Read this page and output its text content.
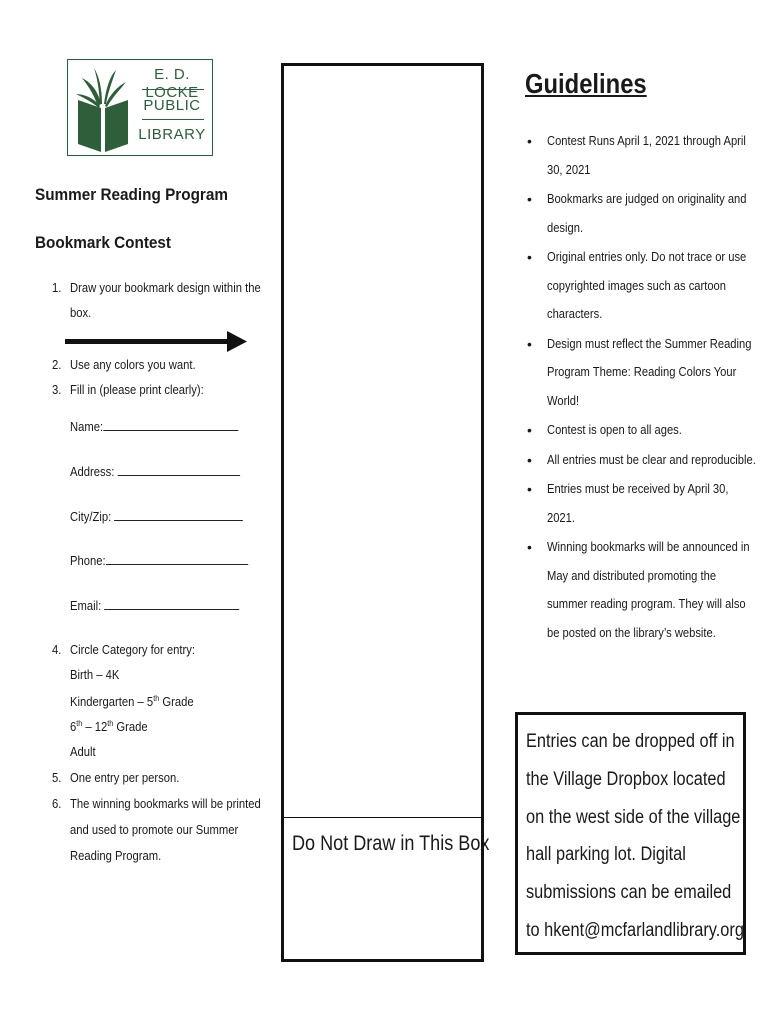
E. D. LOCKE
PUBLIC
LIBRARY
Summer Reading Program
Bookmark Contest
1. Draw your bookmark design within the
box.
2. Use any colors you want.
3. Fill in (please print clearly):
Name:
Address:
City/Zip:
Phone:
Email:
4. Circle Category for entry:
Birth – 4K
Kindergarten – 5th Grade
6th – 12th Grade
Adult
5. One entry per person.
6. The winning bookmarks will be printed
and used to promote our Summer
Reading Program.
Do Not Draw in This Box
Guidelines
• Contest Runs April 1, 2021 through April 30, 2021
• Bookmarks are judged on originality and design.
• Original entries only. Do not trace or use copyrighted images such as cartoon characters.
• Design must reflect the Summer Reading Program Theme: Reading Colors Your World!
• Contest is open to all ages.
• All entries must be clear and reproducible.
• Entries must be received by April 30, 2021.
• Winning bookmarks will be announced in May and distributed promoting the summer reading program. They will also be posted on the library’s website.

Entries can be dropped off in the Village Dropbox located on the west side of the village hall parking lot. Digital submissions can be emailed to hkent@mcfarlandlibrary.org
